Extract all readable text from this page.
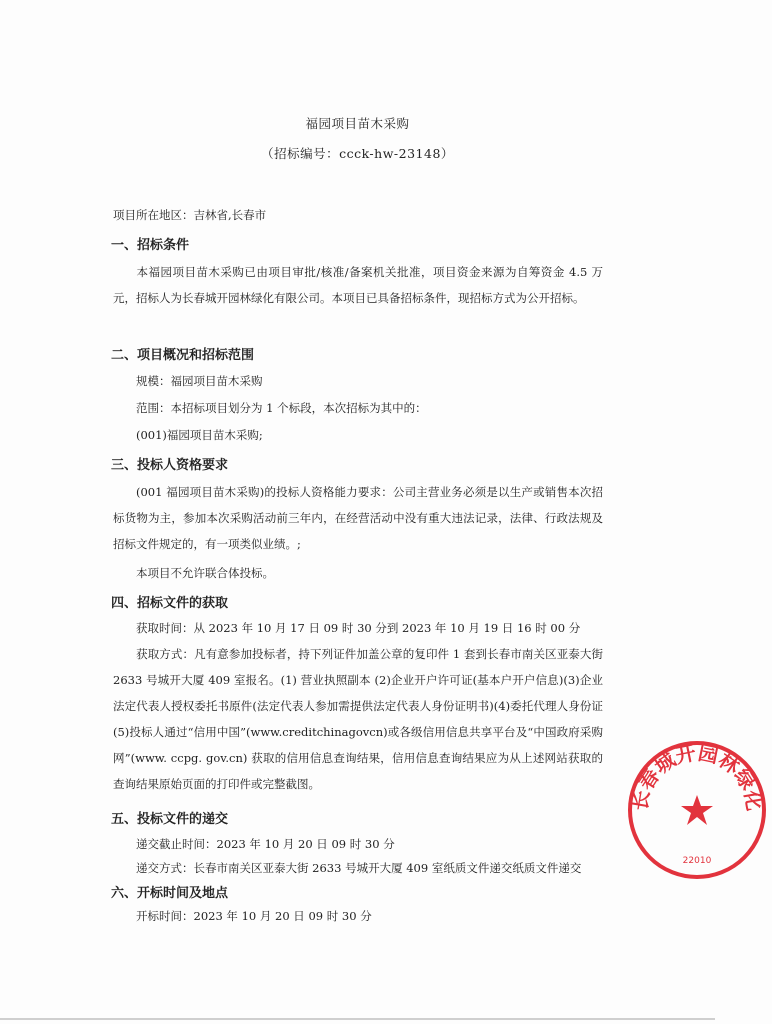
福园项目苗木采购
（招标编号：ccck-hw-23148）
项目所在地区：吉林省,长春市
一、招标条件
本福园项目苗木采购已由项目审批/核准/备案机关批准，项目资金来源为自筹资金 4.5 万元，招标人为长春城开园林绿化有限公司。本项目已具备招标条件，现招标方式为公开招标。
二、项目概况和招标范围
规模：福园项目苗木采购
范围：本招标项目划分为 1 个标段，本次招标为其中的：
(001)福园项目苗木采购;
三、投标人资格要求
(001 福园项目苗木采购)的投标人资格能力要求：公司主营业务必须是以生产或销售本次招标货物为主，参加本次采购活动前三年内，在经营活动中没有重大违法记录，法律、行政法规及招标文件规定的，有一项类似业绩。;
本项目不允许联合体投标。
四、招标文件的获取
获取时间：从 2023 年 10 月 17 日 09 时 30 分到 2023 年 10 月 19 日 16 时 00 分
获取方式：凡有意参加投标者，持下列证件加盖公章的复印件 1 套到长春市南关区亚泰大街 2633 号城开大厦 409 室报名。(1) 营业执照副本 (2)企业开户许可证(基本户开户信息)(3)企业法定代表人授权委托书原件(法定代表人参加需提供法定代表人身份证明书)(4)委托代理人身份证 (5)投标人通过“信用中国”(www.creditchinagovcn)或各级信用信息共享平台及“中国政府采购网”(www. ccpg. gov.cn) 获取的信用信息查询结果，信用信息查询结果应为从上述网站获取的查询结果原始页面的打印件或完整截图。
五、投标文件的递交
递交截止时间：2023 年 10 月 20 日 09 时 30 分
递交方式：长春市南关区亚泰大街 2633 号城开大厦 409 室纸质文件递交纸质文件递交
六、开标时间及地点
开标时间：2023 年 10 月 20 日 09 时 30 分
长春城开园林绿化
22010
